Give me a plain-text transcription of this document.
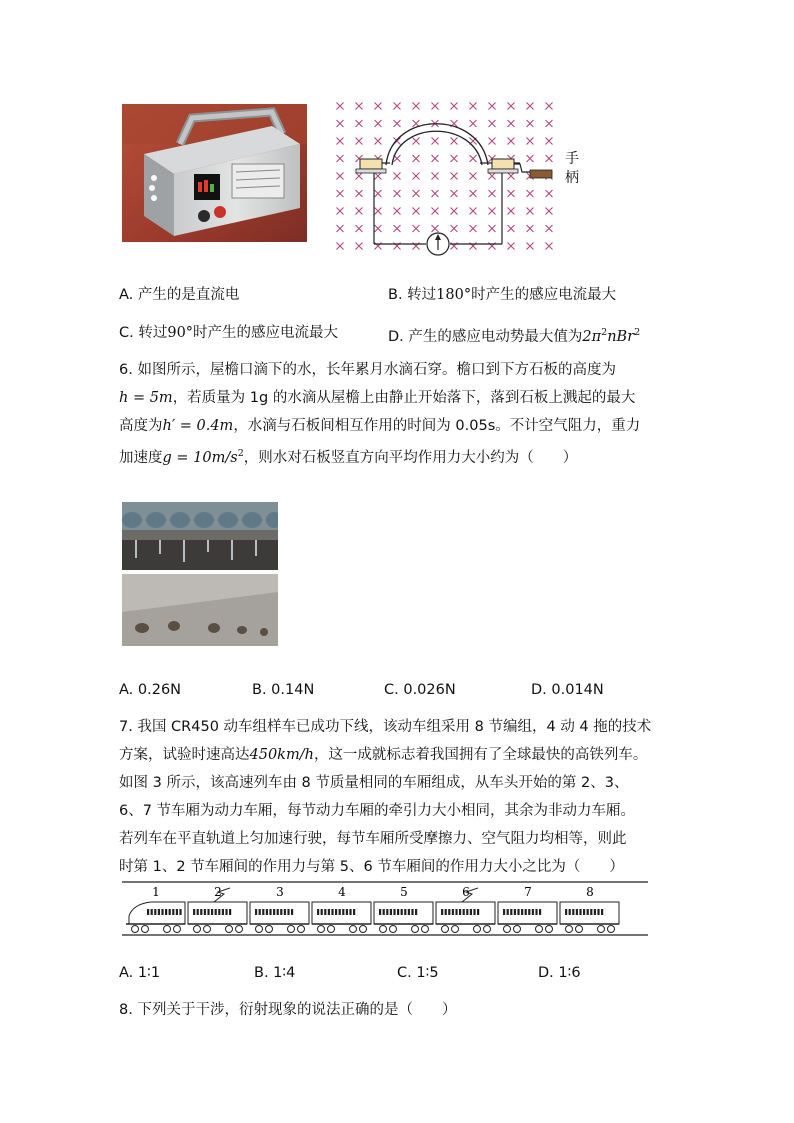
手
柄
A. 产生的是直流电	B. 转过180°时产生的感应电流最大
C. 转过90°时产生的感应电流最大	D. 产生的感应电动势最大值为$2\pi^2nBr^2$
6. 如图所示，屋檐口滴下的水，长年累月水滴石穿。檐口到下方石板的高度为
h = 5m，若质量为 1g 的水滴从屋檐上由静止开始落下，落到石板上溅起的最大
高度为h′ = 0.4m，水滴与石板间相互作用的时间为 0.05s。不计空气阻力，重力
加速度$g = 10m/s^2$，则水对石板竖直方向平均作用力大小约为（　　）
A. 0.26N	B. 0.14N	C. 0.026N	D. 0.014N
7. 我国 CR450 动车组样车已成功下线，该动车组采用 8 节编组，4 动 4 拖的技术
方案，试验时速高达450km/h，这一成就标志着我国拥有了全球最快的高铁列车。
如图 3 所示，该高速列车由 8 节质量相同的车厢组成，从车头开始的第 2、3、
6、7 节车厢为动力车厢，每节动力车厢的牵引力大小相同，其余为非动力车厢。
若列车在平直轨道上匀加速行驶，每节车厢所受摩擦力、空气阻力均相等，则此
时第 1、2 节车厢间的作用力与第 5、6 节车厢间的作用力大小之比为（　　）
1	2	3	4	5	6	7	8
A. 1∶1	B. 1∶4	C. 1∶5	D. 1∶6
8. 下列关于干涉，衍射现象的说法正确的是（　　）
